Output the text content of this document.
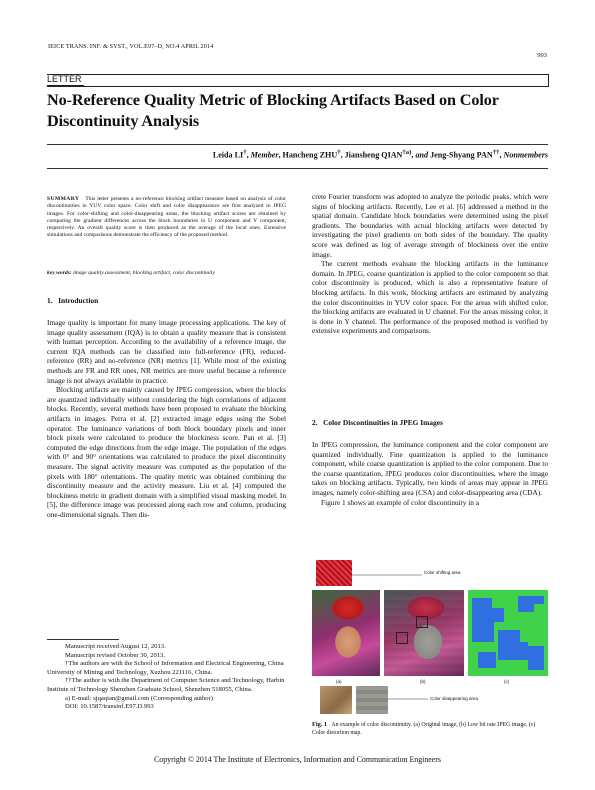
IEICE TRANS. INF. & SYST., VOL.E97–D, NO.4 APRIL 2014
993
LETTER
No-Reference Quality Metric of Blocking Artifacts Based on Color Discontinuity Analysis
Leida LI†, Member, Hancheng ZHU†, Jiansheng QIAN$^{\dagger a)}$, and Jeng-Shyang PAN††, Nonmembers
SUMMARY This letter presents a no-reference blocking artifact measure based on analysis of color discontinuities in YUV color space. Color shift and color disappearance are first analyzed in JPEG images. For color-shifting and color-disappearing areas, the blocking artifact scores are obtained by computing the gradient differences across the block boundaries in U component and Y component, respectively. An overall quality score is then produced as the average of the local ones. Extensive simulations and comparisons demonstrate the efficiency of the proposed method.
key words: image quality assessment, blocking artifact, color discontinuity
1.   Introduction

Image quality is important for many image processing applications. The key of image quality assessment (IQA) is to obtain a quality measure that is consistent with human perception. According to the availability of a reference image, the current IQA methods can be classified into full-reference (FR), reduced-reference (RR) and no-reference (NR) metrics [1]. While most of the existing methods are FR and RR ones, NR metrics are more useful because a reference image is not always available in practice.

Blocking artifacts are mainly caused by JPEG compression, where the blocks are quantized individually without considering the high correlations of adjacent blocks. Recently, several methods have been proposed to evaluate the blocking artifacts in images. Perra et al. [2] extracted image edges using the Sobel operator. The luminance variations of both block boundary pixels and inner block pixels were calculated to produce the blockiness score. Pan et al. [3] computed the edge directions from the edge image. The population of the edges with 0° and 90° orientations was calculated to produce the pixel discontinuity measure. The signal activity measure was computed as the population of the pixels with 180° orientations. The quality metric was obtained combining the discontinuity measure and the activity measure. Liu et al. [4] computed the blockiness metric in gradient domain with a simplified visual masking model. In [5], the difference image was processed along each row and column, producing one-dimensional signals. Then dis-

crete Fourier transform was adopted to analyze the periodic peaks, which were signs of blocking artifacts. Recently, Lee et al. [6] addressed a method in the spatial domain. Candidate block boundaries were determined using the pixel gradients. The boundaries with actual blocking artifacts were detected by investigating the pixel gradients on both sides of the boundary. The quality score was defined as log of average strength of blockiness over the entire image.

The current methods evaluate the blocking artifacts in the luminance domain. In JPEG, coarse quantization is applied to the color component so that color discontinuity is produced, which is also a representative feature of blocking artifacts. In this work, blocking artifacts are estimated by analyzing the color discontinuities in YUV color space. For the areas with shifted color, the blocking artifacts are evaluated in U channel. For the areas missing color, it is done in Y channel. The performance of the proposed method is verified by extensive experiments and comparisons.

2.   Color Discontinuities in JPEG Images

In JPEG compression, the luminance component and the color component are quantized individually. Fine quantization is applied to the luminance component, while coarse quantization is applied to the color component. Due to the coarse quantization, JPEG produces color discontinuities, where the image takes on blocking artifacts. Typically, two kinds of areas may appear in JPEG images, namely color-shifting area (CSA) and color-disappearing area (CDA).

Figure 1 shows an example of color discontinuity in a

Manuscript received August 12, 2013.
Manuscript revised October 30, 2013.
†The authors are with the School of Information and Electrical Engineering, China University of Mining and Technology, Xuzhou 221116, China.
††The author is with the Department of Computer Science and Technology, Harbin Institute of Technology Shenzhen Graduate School, Shenzhen 518055, China.
a) E-mail: sjqaqian@gmail.com (Corresponding author)
DOI: 10.1587/transinf.E97.D.993
Color shifting area
(a)	(b)	(c)
Color disappearing area
Fig. 1 An example of color discontinuity. (a) Original image, (b) Low bit rate JPEG image, (c) Color distortion map.
Copyright © 2014 The Institute of Electronics, Information and Communication Engineers
